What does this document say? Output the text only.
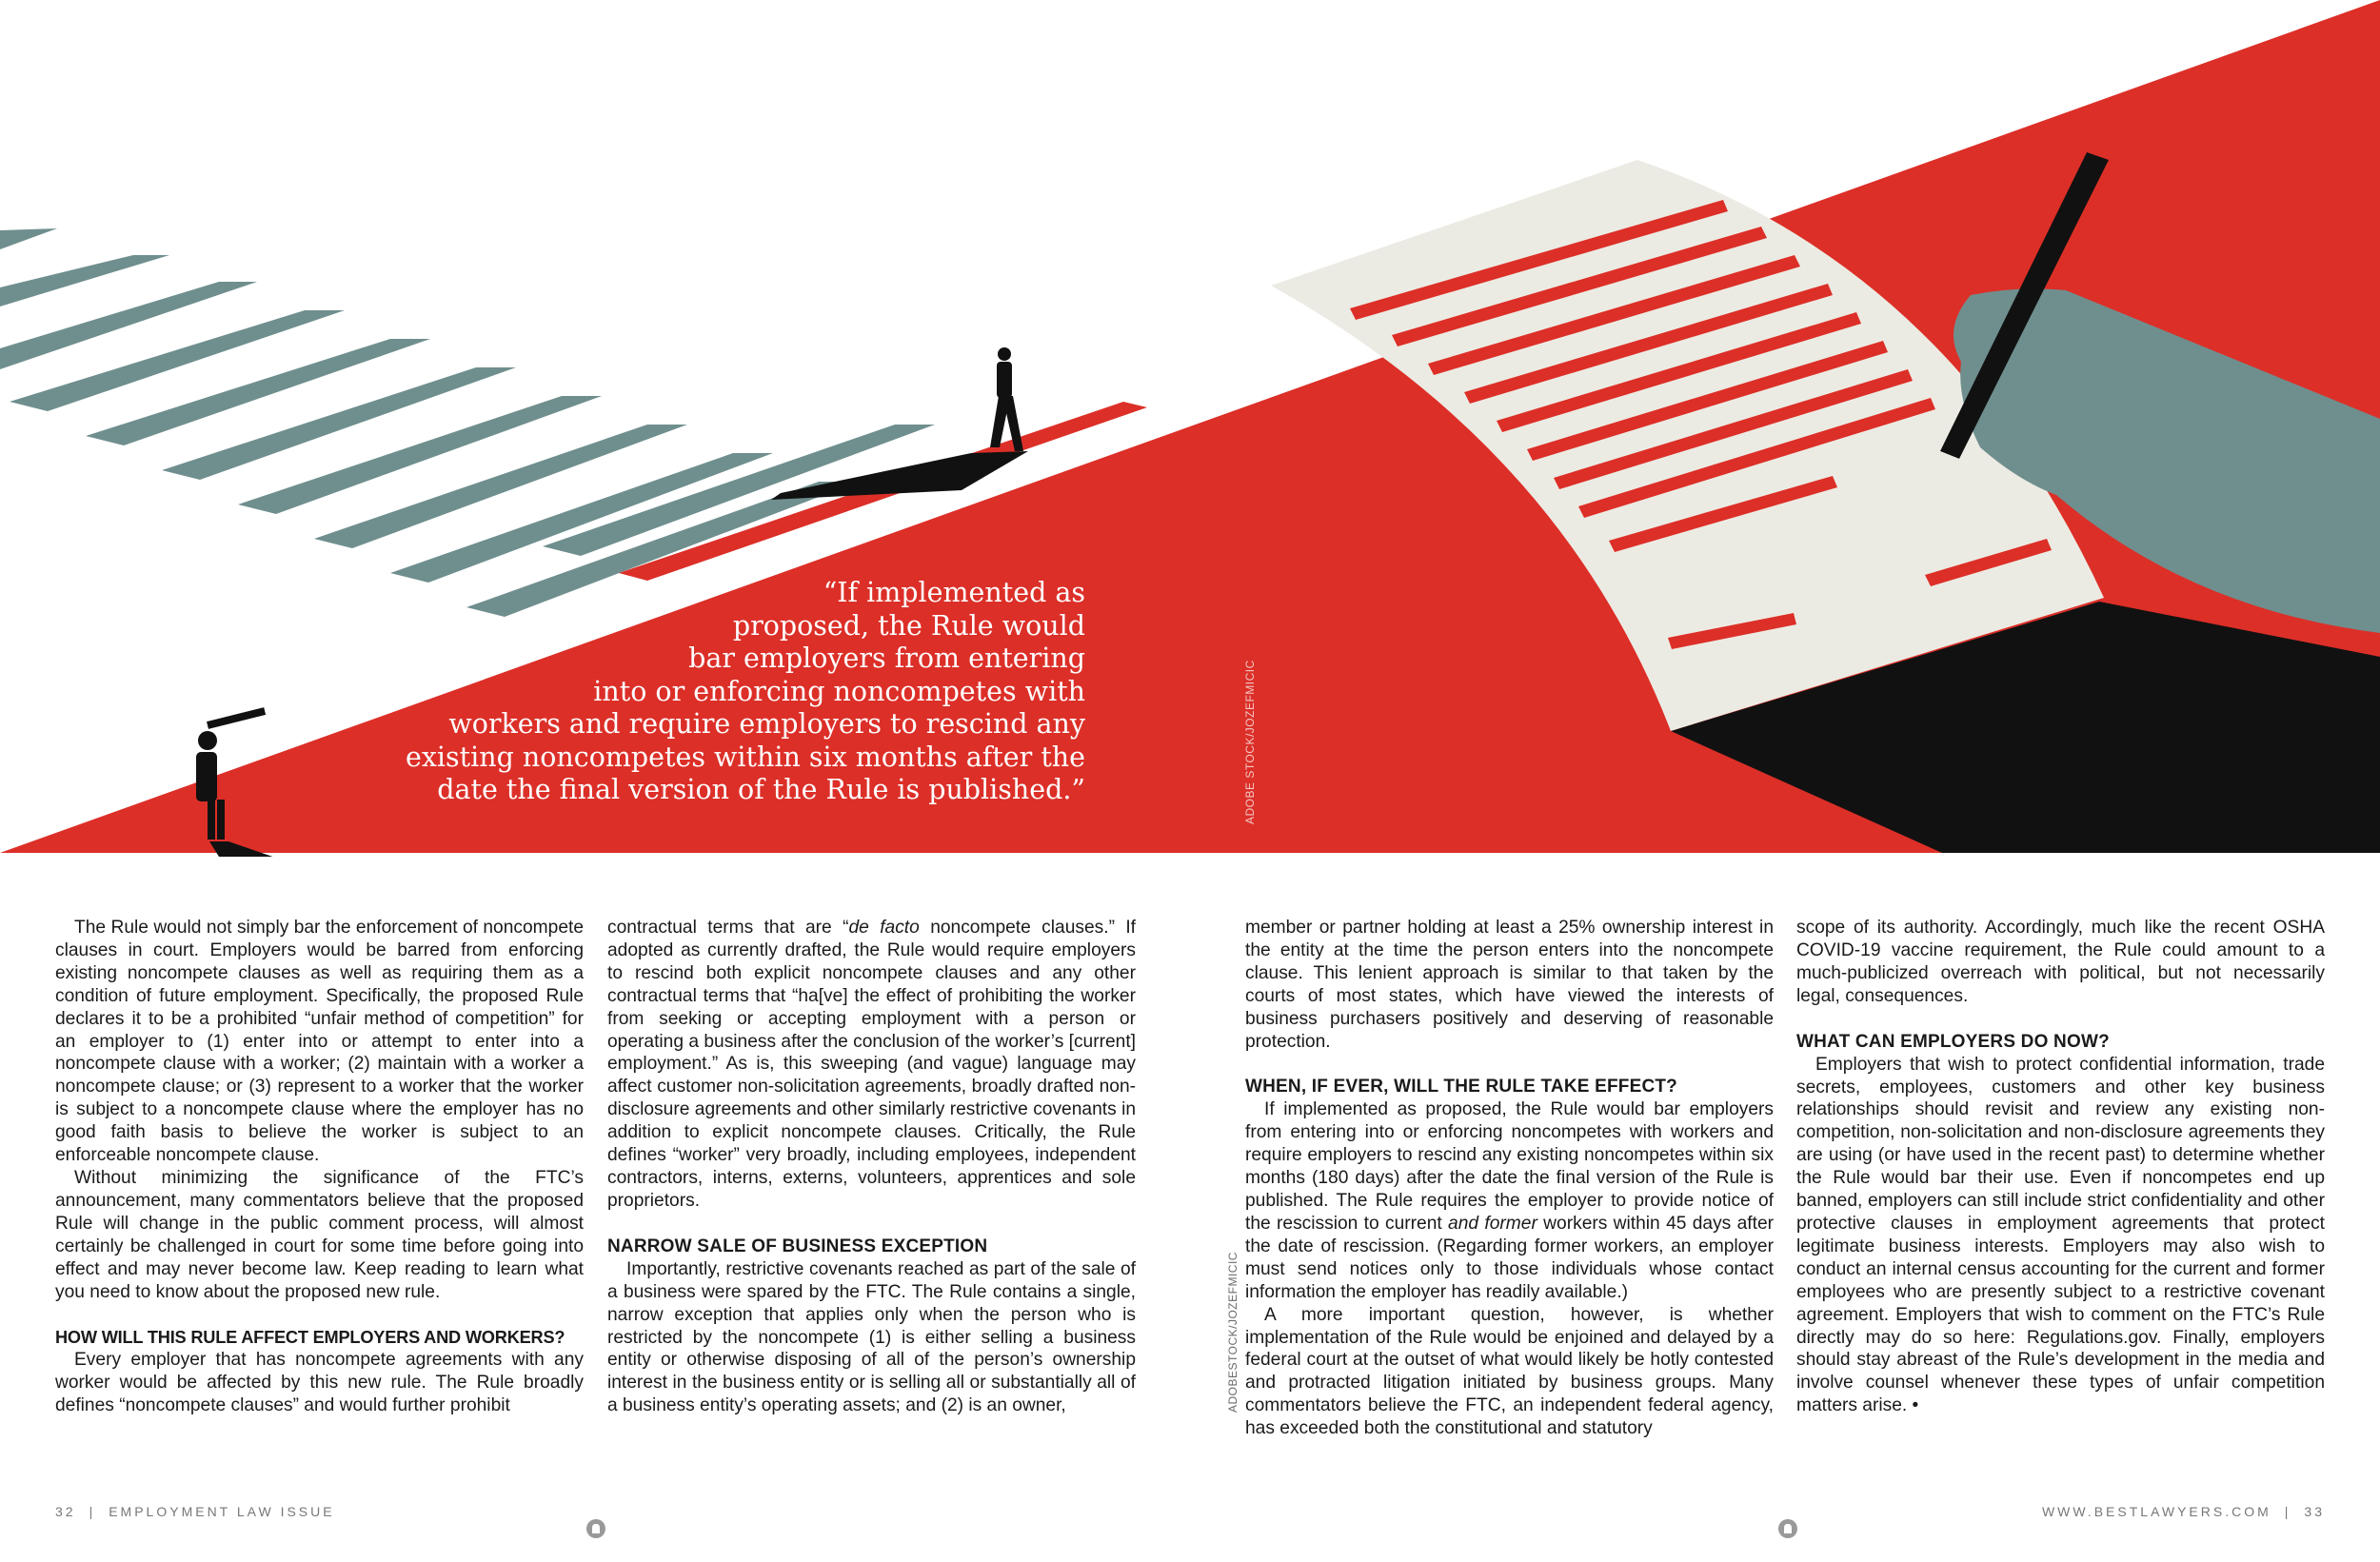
“If implemented as
proposed, the Rule would
bar employers from entering
into or enforcing noncompetes with
workers and require employers to rescind any
existing noncompetes within six months after the
date the final version of the Rule is published.”	ADOBE STOCK/JOZEFMICIC
ADOBESTOCK/JOZEFMICIC

The Rule would not simply bar the enforcement of noncompete clauses in court. Employers would be barred from enforcing existing noncompete clauses as well as requiring them as a condition of future employment. Specifically, the proposed Rule declares it to be a prohibited “unfair method of competition” for an employer to (1) enter into or attempt to enter into a noncompete clause with a worker; (2) maintain with a worker a noncompete clause; or (3) represent to a worker that the worker is subject to a noncompete clause where the employer has no good faith basis to believe the worker is subject to an enforceable noncompete clause.

Without minimizing the significance of the FTC’s announcement, many commentators believe that the proposed Rule will change in the public comment process, will almost certainly be challenged in court for some time before going into effect and may never become law. Keep reading to learn what you need to know about the proposed new rule.

HOW WILL THIS RULE AFFECT EMPLOYERS AND WORKERS?

Every employer that has noncompete agreements with any worker would be affected by this new rule. The Rule broadly defines “noncompete clauses” and would further prohibit

contractual terms that are “de facto noncompete clauses.” If adopted as currently drafted, the Rule would require employers to rescind both explicit noncompete clauses and any other contractual terms that “ha[ve] the effect of prohibiting the worker from seeking or accepting employment with a person or operating a business after the conclusion of the worker’s [current] employment.” As is, this sweeping (and vague) language may affect customer non-solicitation agreements, broadly drafted non-disclosure agreements and other similarly restrictive covenants in addition to explicit noncompete clauses. Critically, the Rule defines “worker” very broadly, including employees, independent contractors, interns, externs, volunteers, apprentices and sole proprietors.

NARROW SALE OF BUSINESS EXCEPTION

Importantly, restrictive covenants reached as part of the sale of a business were spared by the FTC. The Rule contains a single, narrow exception that applies only when the person who is restricted by the noncompete (1) is either selling a business entity or otherwise disposing of all of the person’s ownership interest in the business entity or is selling all or substantially all of a business entity’s operating assets; and (2) is an owner,

member or partner holding at least a 25% ownership interest in the entity at the time the person enters into the noncompete clause. This lenient approach is similar to that taken by the courts of most states, which have viewed the interests of business purchasers positively and deserving of reasonable protection.

WHEN, IF EVER, WILL THE RULE TAKE EFFECT?

If implemented as proposed, the Rule would bar employers from entering into or enforcing noncompetes with workers and require employers to rescind any existing noncompetes within six months (180 days) after the date the final version of the Rule is published. The Rule requires the employer to provide notice of the rescission to current and former workers within 45 days after the date of rescission. (Regarding former workers, an employer must send notices only to those individuals whose contact information the employer has readily available.)

A more important question, however, is whether implementation of the Rule would be enjoined and delayed by a federal court at the outset of what would likely be hotly contested and protracted litigation initiated by business groups. Many commentators believe the FTC, an independent federal agency, has exceeded both the constitutional and statutory

scope of its authority. Accordingly, much like the recent OSHA COVID-19 vaccine requirement, the Rule could amount to a much-publicized overreach with political, but not necessarily legal, consequences.

WHAT CAN EMPLOYERS DO NOW?

Employers that wish to protect confidential information, trade secrets, employees, customers and other key business relationships should revisit and review any existing non-competition, non-solicitation and non-disclosure agreements they are using (or have used in the recent past) to determine whether the Rule would bar their use. Even if noncompetes end up banned, employers can still include strict confidentiality and other protective clauses in employment agreements that protect legitimate business interests. Employers may also wish to conduct an internal census accounting for the current and former employees who are presently subject to a restrictive covenant agreement. Employers that wish to comment on the FTC’s Rule directly may do so here: Regulations.gov. Finally, employers should stay abreast of the Rule’s development in the media and involve counsel whenever these types of unfair competition matters arise. •

32 | EMPLOYMENT LAW ISSUE	WWW.BESTLAWYERS.COM | 33
